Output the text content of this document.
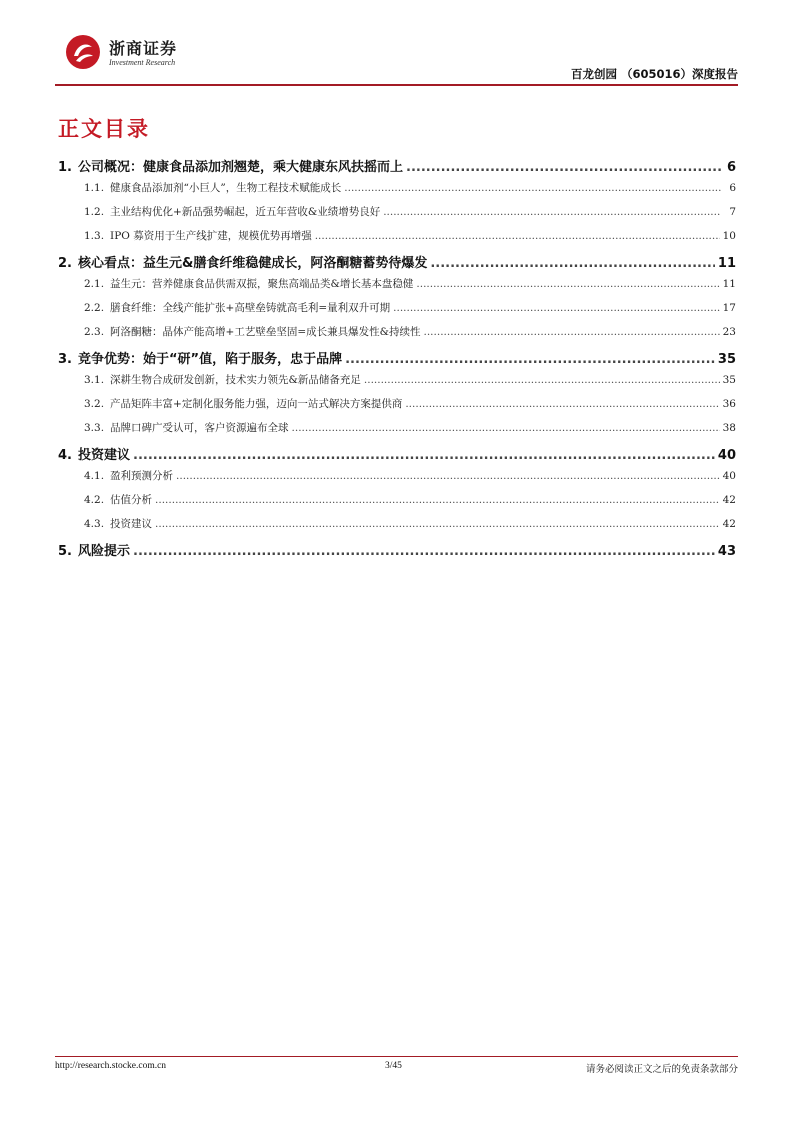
浙商证券
Investment Research
百龙创园 （605016）深度报告
正文目录
1. 公司概况：健康食品添加剂翘楚，乘大健康东风扶摇而上 .....	6
1.1. 健康食品添加剂“小巨人”，生物工程技术赋能成长 .....	6
1.2. 主业结构优化+新品强势崛起，近五年营收&业绩增势良好 .....	7
1.3. IPO 募资用于生产线扩建，规模优势再增强 .....	10
2. 核心看点：益生元&膳食纤维稳健成长，阿洛酮糖蓄势待爆发 .....	11
2.1. 益生元：营养健康食品供需双振，聚焦高端品类&增长基本盘稳健 .....	11
2.2. 膳食纤维：全线产能扩张+高壁垒铸就高毛利=量利双升可期 .....	17
2.3. 阿洛酮糖：晶体产能高增+工艺壁垒坚固=成长兼具爆发性&持续性 .....	23
3. 竞争优势：始于“研”值，陷于服务，忠于品牌 .....	35
3.1. 深耕生物合成研发创新，技术实力领先&新品储备充足 .....	35
3.2. 产品矩阵丰富+定制化服务能力强，迈向一站式解决方案提供商 .....	36
3.3. 品牌口碑广受认可，客户资源遍布全球 .....	38
4. 投资建议 .....	40
4.1. 盈利预测分析 .....	40
4.2. 估值分析 .....	42
4.3. 投资建议 .....	42
5. 风险提示 .....	43
http://research.stocke.com.cn	3/45	请务必阅读正文之后的免责条款部分
